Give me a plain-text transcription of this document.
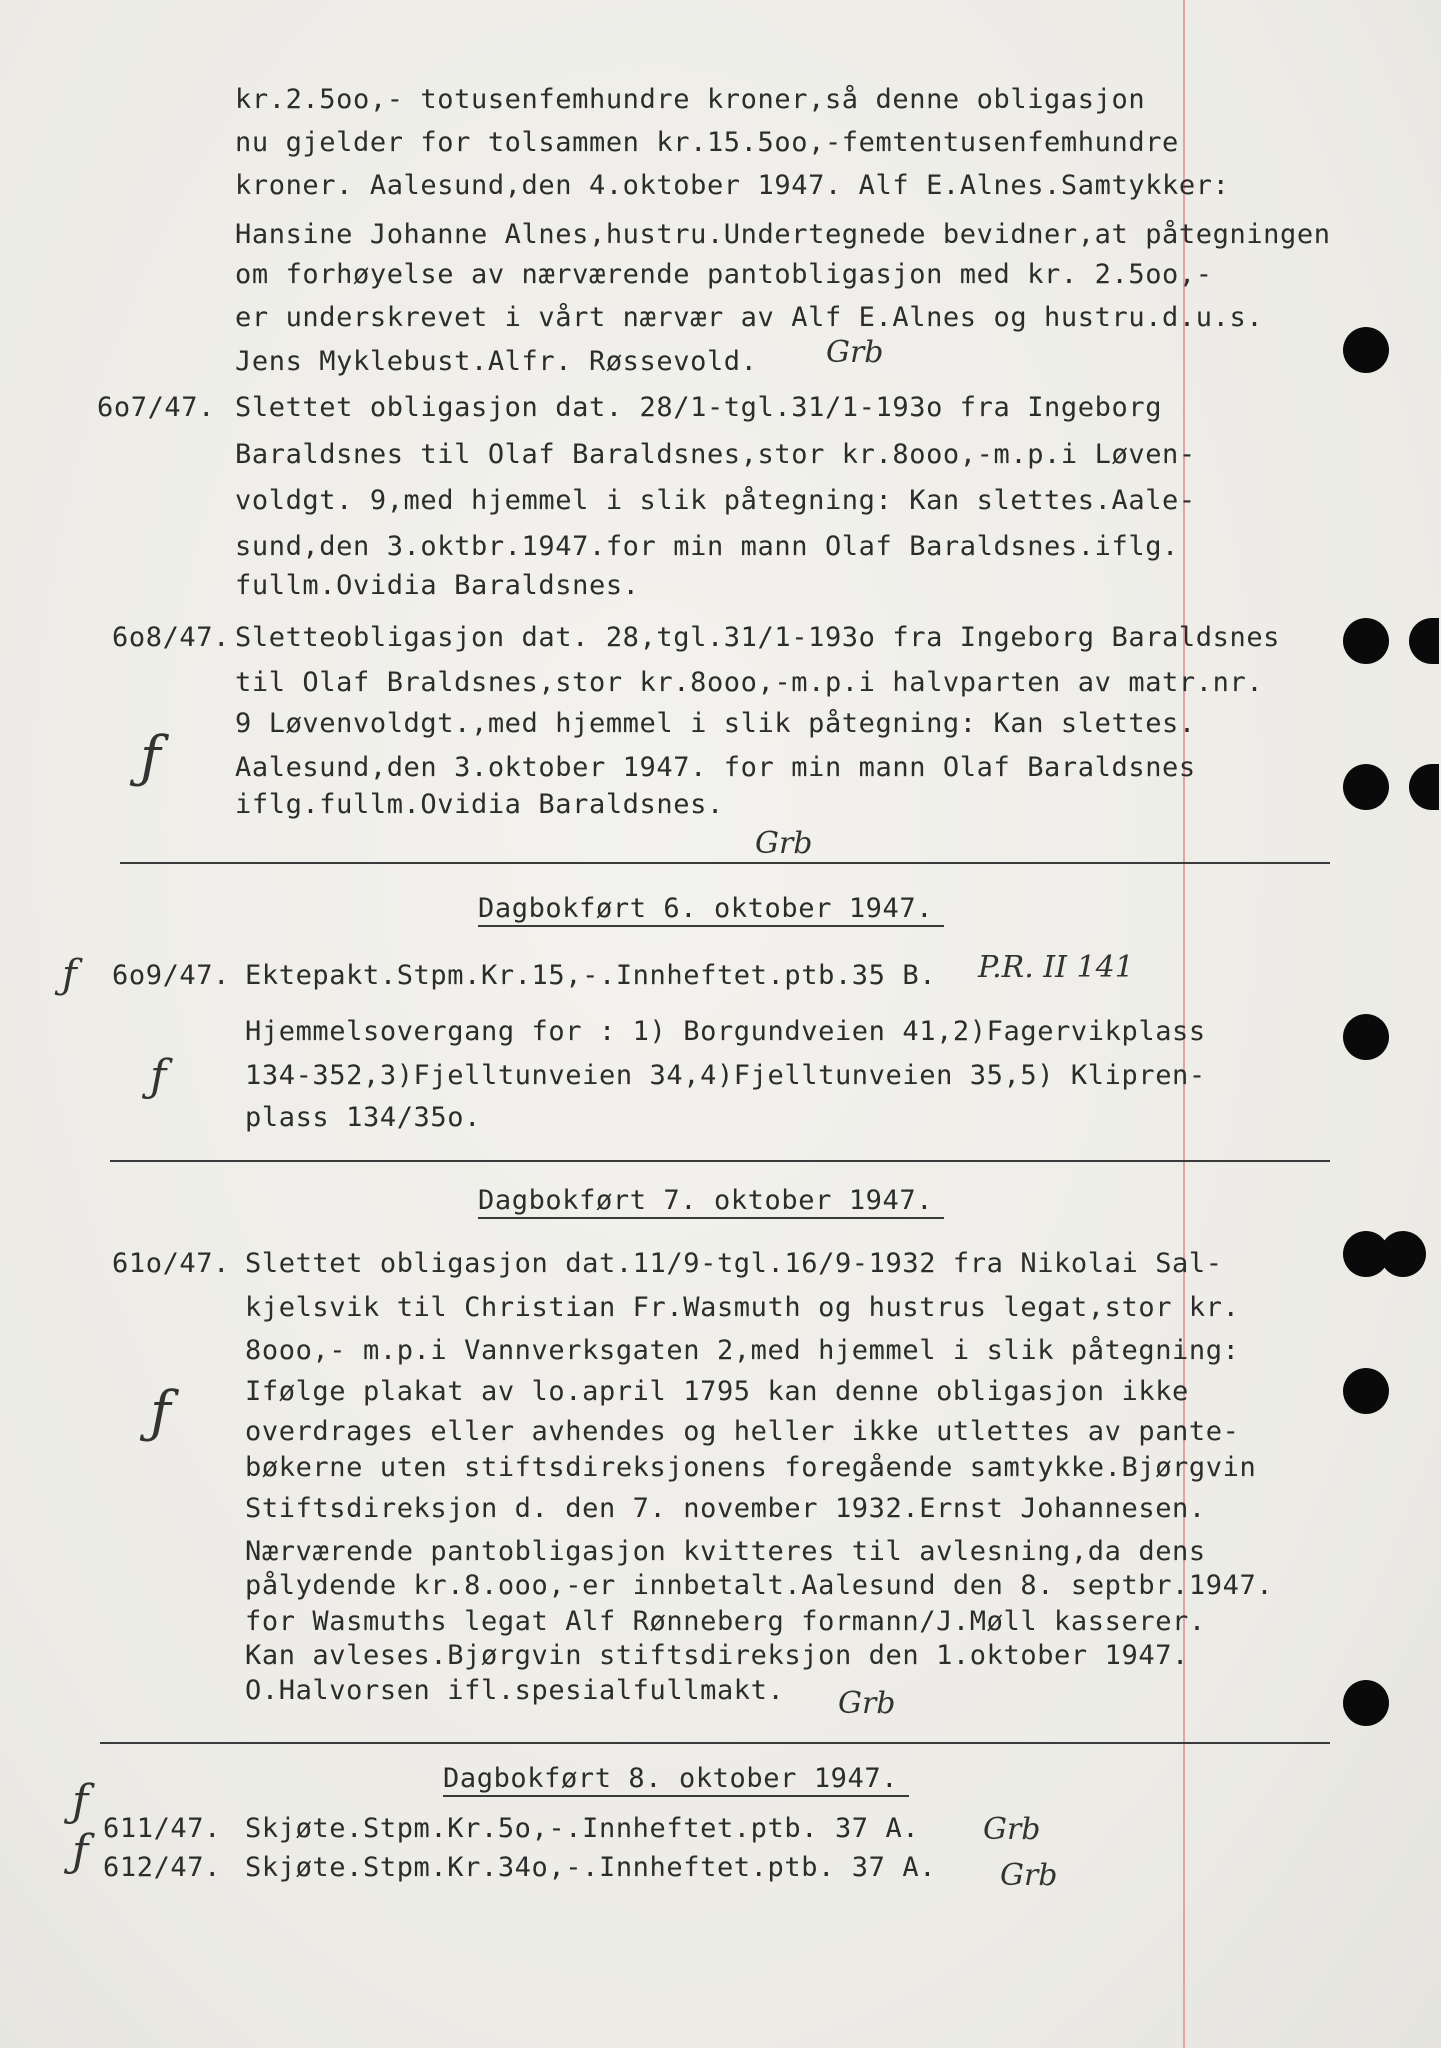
kr.2.5oo,- totusenfemhundre kroner,så denne obligasjon
nu gjelder for tolsammen kr.15.5oo,-femtentusenfemhundre
kroner. Aalesund,den 4.oktober 1947. Alf E.Alnes.Samtykker:
Hansine Johanne Alnes,hustru.Undertegnede bevidner,at påtegningen
om forhøyelse av nærværende pantobligasjon med kr. 2.5oo,-
er underskrevet i vårt nærvær av Alf E.Alnes og hustru.d.u.s.
Jens Myklebust.Alfr. Røssevold.
6o7/47. Slettet obligasjon dat. 28/1-tgl.31/1-193o fra Ingeborg
Baraldsnes til Olaf Baraldsnes,stor kr.8ooo,-m.p.i Løven-
voldgt. 9,med hjemmel i slik påtegning: Kan slettes.Aale-
sund,den 3.oktbr.1947.for min mann Olaf Baraldsnes.iflg.
fullm.Ovidia Baraldsnes.
6o8/47. Sletteobligasjon dat. 28,tgl.31/1-193o fra Ingeborg Baraldsnes
til Olaf Braldsnes,stor kr.8ooo,-m.p.i halvparten av matr.nr.
9 Løvenvoldgt.,med hjemmel i slik påtegning: Kan slettes.
Aalesund,den 3.oktober 1947. for min mann Olaf Baraldsnes
iflg.fullm.Ovidia Baraldsnes.
Dagbokført 6. oktober 1947.
6o9/47. Ektepakt.Stpm.Kr.15,-.Innheftet.ptb.35 B.
Hjemmelsovergang for : 1) Borgundveien 41,2)Fagervikplass
134-352,3)Fjelltunveien 34,4)Fjelltunveien 35,5) Klipren-
plass 134/35o.
Dagbokført 7. oktober 1947.
61o/47. Slettet obligasjon dat.11/9-tgl.16/9-1932 fra Nikolai Sal-
kjelsvik til Christian Fr.Wasmuth og hustrus legat,stor kr.
8ooo,- m.p.i Vannverksgaten 2,med hjemmel i slik påtegning:
Ifølge plakat av lo.april 1795 kan denne obligasjon ikke
overdrages eller avhendes og heller ikke utlettes av pante-
bøkerne uten stiftsdireksjonens foregående samtykke.Bjørgvin
Stiftsdireksjon d. den 7. november 1932.Ernst Johannesen.
Nærværende pantobligasjon kvitteres til avlesning,da dens
pålydende kr.8.ooo,-er innbetalt.Aalesund den 8. septbr.1947.
for Wasmuths legat Alf Rønneberg formann/J.Møll kasserer.
Kan avleses.Bjørgvin stiftsdireksjon den 1.oktober 1947.
O.Halvorsen ifl.spesialfullmakt.
Dagbokført 8. oktober 1947.
611/47. Skjøte.Stpm.Kr.5o,-.Innheftet.ptb. 37 A.
612/47. Skjøte.Stpm.Kr.34o,-.Innheftet.ptb. 37 A.
Grb
Grb
P.R. II 141
Grb
Grb
Grb
ƒ
ƒ
ƒ
ƒ
ƒ
ƒ
